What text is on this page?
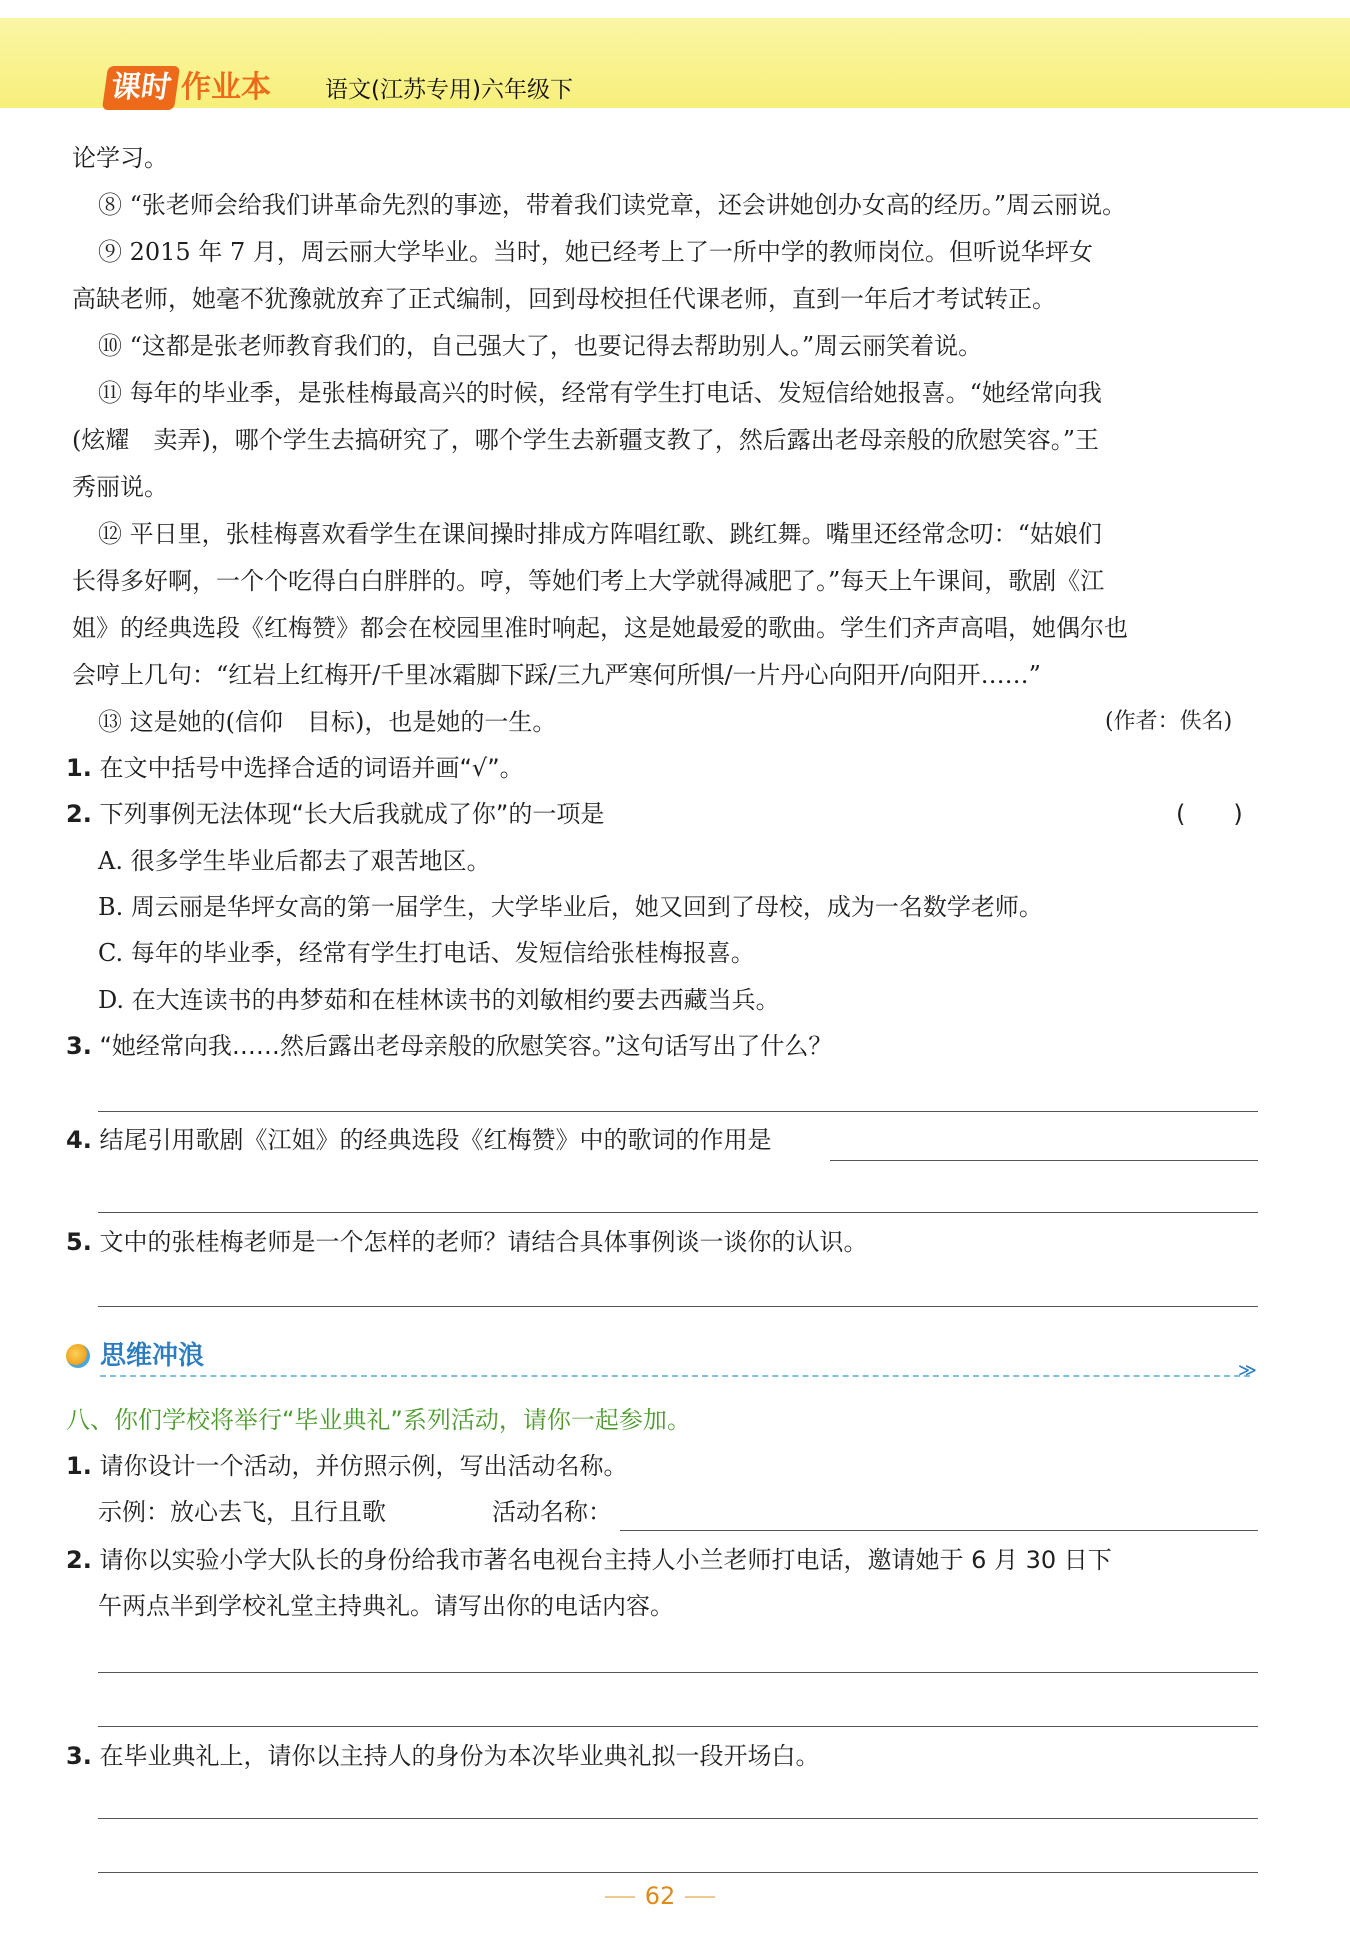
课时 作业本 语文(江苏专用)六年级下
论学习。
⑧ “张老师会给我们讲革命先烈的事迹，带着我们读党章，还会讲她创办女高的经历。”周云丽说。
⑨ 2015 年 7 月，周云丽大学毕业。当时，她已经考上了一所中学的教师岗位。但听说华坪女
高缺老师，她毫不犹豫就放弃了正式编制，回到母校担任代课老师，直到一年后才考试转正。
⑩ “这都是张老师教育我们的，自己强大了，也要记得去帮助别人。”周云丽笑着说。
⑪ 每年的毕业季，是张桂梅最高兴的时候，经常有学生打电话、发短信给她报喜。“她经常向我
(炫耀　卖弄)，哪个学生去搞研究了，哪个学生去新疆支教了，然后露出老母亲般的欣慰笑容。”王
秀丽说。
⑫ 平日里，张桂梅喜欢看学生在课间操时排成方阵唱红歌、跳红舞。嘴里还经常念叨：“姑娘们
长得多好啊，一个个吃得白白胖胖的。哼，等她们考上大学就得减肥了。”每天上午课间，歌剧《江
姐》的经典选段《红梅赞》都会在校园里准时响起，这是她最爱的歌曲。学生们齐声高唱，她偶尔也
会哼上几句：“红岩上红梅开/千里冰霜脚下踩/三九严寒何所惧/一片丹心向阳开/向阳开……”
⑬ 这是她的(信仰　目标)，也是她的一生。	(作者：佚名)
1. 在文中括号中选择合适的词语并画“√”。
2. 下列事例无法体现“长大后我就成了你”的一项是	(　　)
A. 很多学生毕业后都去了艰苦地区。
B. 周云丽是华坪女高的第一届学生，大学毕业后，她又回到了母校，成为一名数学老师。
C. 每年的毕业季，经常有学生打电话、发短信给张桂梅报喜。
D. 在大连读书的冉梦茹和在桂林读书的刘敏相约要去西藏当兵。
3. “她经常向我……然后露出老母亲般的欣慰笑容。”这句话写出了什么？
4. 结尾引用歌剧《江姐》的经典选段《红梅赞》中的歌词的作用是
5. 文中的张桂梅老师是一个怎样的老师？请结合具体事例谈一谈你的认识。
思维冲浪	≫
八、你们学校将举行“毕业典礼”系列活动，请你一起参加。
1. 请你设计一个活动，并仿照示例，写出活动名称。
示例：放心去飞，且行且歌	活动名称：
2. 请你以实验小学大队长的身份给我市著名电视台主持人小兰老师打电话，邀请她于 6 月 30 日下
午两点半到学校礼堂主持典礼。请写出你的电话内容。
3. 在毕业典礼上，请你以主持人的身份为本次毕业典礼拟一段开场白。
62
